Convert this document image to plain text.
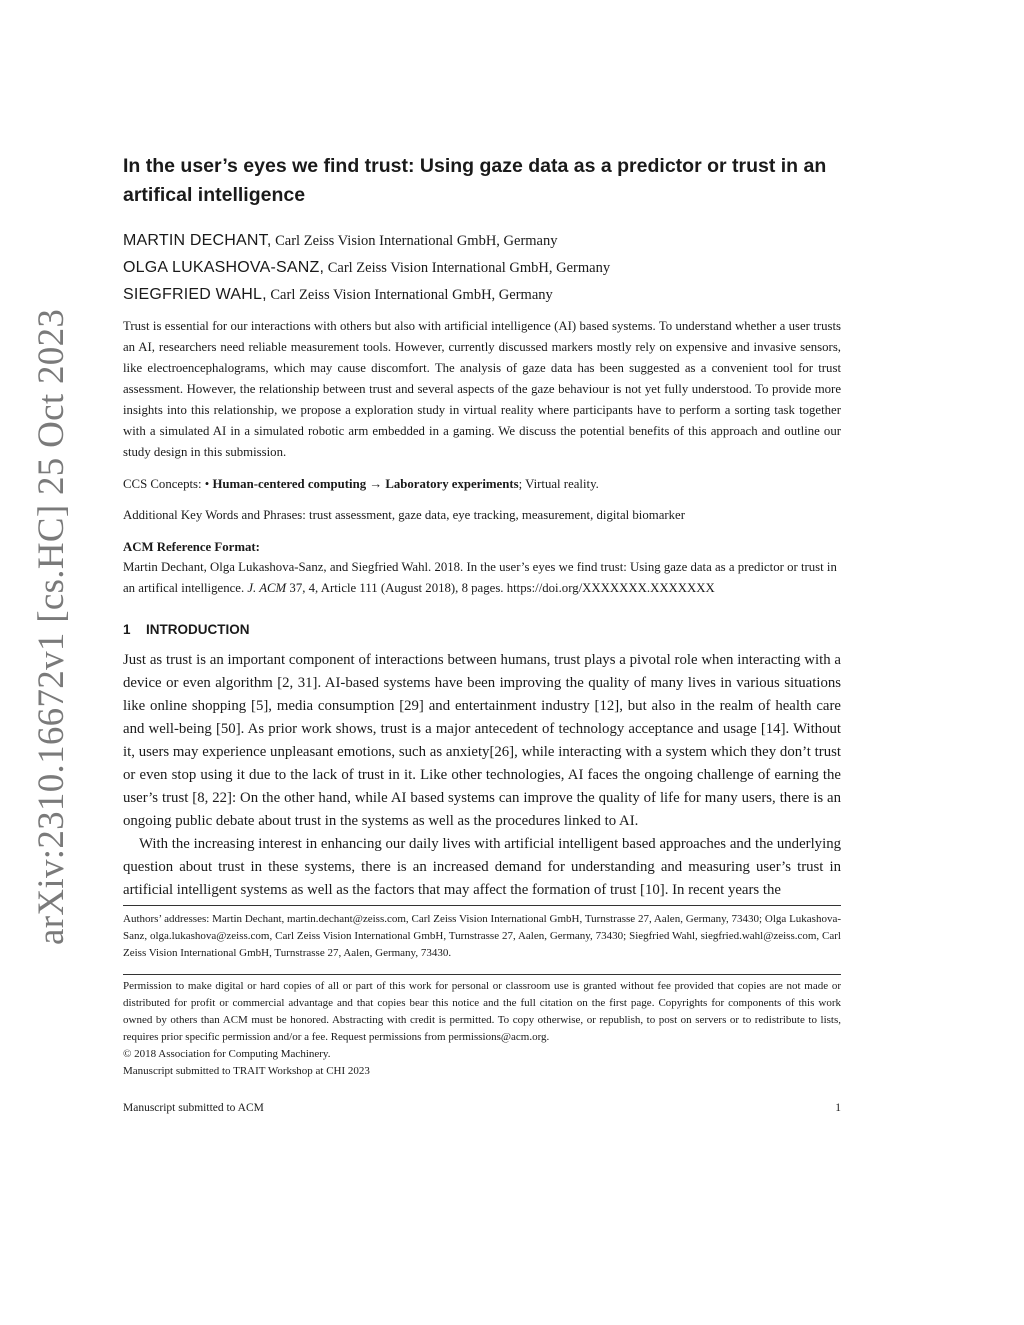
arXiv:2310.16672v1 [cs.HC] 25 Oct 2023
In the user’s eyes we find trust: Using gaze data as a predictor or trust in an artifical intelligence
MARTIN DECHANT, Carl Zeiss Vision International GmbH, Germany
OLGA LUKASHOVA-SANZ, Carl Zeiss Vision International GmbH, Germany
SIEGFRIED WAHL, Carl Zeiss Vision International GmbH, Germany

Trust is essential for our interactions with others but also with artificial intelligence (AI) based systems. To understand whether a user trusts an AI, researchers need reliable measurement tools. However, currently discussed markers mostly rely on expensive and invasive sensors, like electroencephalograms, which may cause discomfort. The analysis of gaze data has been suggested as a convenient tool for trust assessment. However, the relationship between trust and several aspects of the gaze behaviour is not yet fully understood. To provide more insights into this relationship, we propose a exploration study in virtual reality where participants have to perform a sorting task together with a simulated AI in a simulated robotic arm embedded in a gaming. We discuss the potential benefits of this approach and outline our study design in this submission.

CCS Concepts: • Human-centered computing → Laboratory experiments; Virtual reality.

Additional Key Words and Phrases: trust assessment, gaze data, eye tracking, measurement, digital biomarker

ACM Reference Format:

Martin Dechant, Olga Lukashova-Sanz, and Siegfried Wahl. 2018. In the user’s eyes we find trust: Using gaze data as a predictor or trust in an artifical intelligence. J. ACM 37, 4, Article 111 (August 2018), 8 pages. https://doi.org/XXXXXXX.XXXXXXX

1 INTRODUCTION

Just as trust is an important component of interactions between humans, trust plays a pivotal role when interacting with a device or even algorithm [2, 31]. AI-based systems have been improving the quality of many lives in various situations like online shopping [5], media consumption [29] and entertainment industry [12], but also in the realm of health care and well-being [50]. As prior work shows, trust is a major antecedent of technology acceptance and usage [14]. Without it, users may experience unpleasant emotions, such as anxiety[26], while interacting with a system which they don’t trust or even stop using it due to the lack of trust in it. Like other technologies, AI faces the ongoing challenge of earning the user’s trust [8, 22]: On the other hand, while AI based systems can improve the quality of life for many users, there is an ongoing public debate about trust in the systems as well as the procedures linked to AI.

With the increasing interest in enhancing our daily lives with artificial intelligent based approaches and the underlying question about trust in these systems, there is an increased demand for understanding and measuring user’s trust in artificial intelligent systems as well as the factors that may affect the formation of trust [10]. In recent years the

Authors’ addresses: Martin Dechant, martin.dechant@zeiss.com, Carl Zeiss Vision International GmbH, Turnstrasse 27, Aalen, Germany, 73430; Olga Lukashova-Sanz, olga.lukashova@zeiss.com, Carl Zeiss Vision International GmbH, Turnstrasse 27, Aalen, Germany, 73430; Siegfried Wahl, siegfried.wahl@zeiss.com, Carl Zeiss Vision International GmbH, Turnstrasse 27, Aalen, Germany, 73430.

Permission to make digital or hard copies of all or part of this work for personal or classroom use is granted without fee provided that copies are not made or distributed for profit or commercial advantage and that copies bear this notice and the full citation on the first page. Copyrights for components of this work owned by others than ACM must be honored. Abstracting with credit is permitted. To copy otherwise, or republish, to post on servers or to redistribute to lists, requires prior specific permission and/or a fee. Request permissions from permissions@acm.org.

© 2018 Association for Computing Machinery.

Manuscript submitted to TRAIT Workshop at CHI 2023

Manuscript submitted to ACM	1
